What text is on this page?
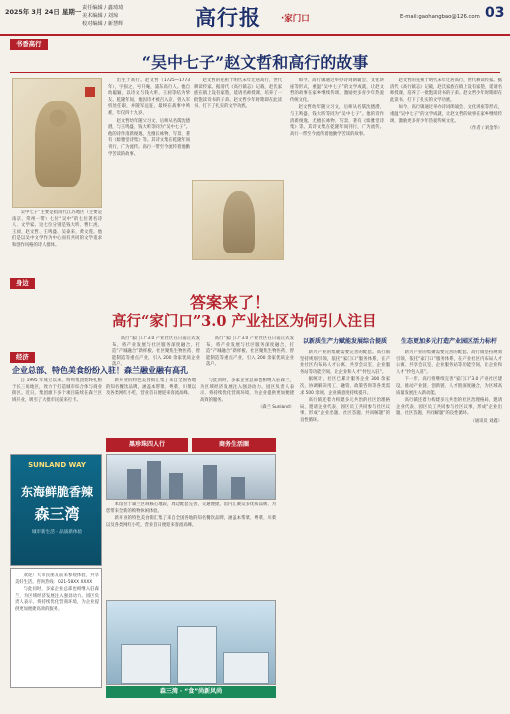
2025年 3月 24日 星期一 责任编辑 / 鑫琦琦
美术编辑 / 刘琼
校对编辑 / 新慧辉	高行报 ·家门口	E-mail:gaohangbao@126.com 03
书香高行
“吴中七子”赵文哲和高行的故事

吴中七子”主要是指清代江苏地区（主要是南京、常州一带）七位“吴中”的七位著名诗人、文学家。这七位分别是钱大昕、曹仁虎、王昶、赵文哲、王鸣盛、吴泰来、黄文莲。他们是以吴中文学作为中心而有共同的文学追求和创作风格的诗人群体。

出生于高行。赵文哲（1725—1773年），字损之，号升庵，浦东高行人。他自幼聪颖，以诗文与钱大昕、王昶等结为挚友。乾隆年间，他因诗才被召入京，曾入军机处任职，并随军远征，最终在战事中殉难，年仅四十九岁。

赵文哲幼年随父习文，后师从名儒沈德潜，与王鸣盛、钱大昕等同为“吴中七子”。他的诗作清新俊逸，尤擅长咏物、写景，著有《媕雅堂诗集》等。其诗文集在乾隆年间刊行，广为流传。高行一带至今流传着他勤学苦读的故事。

赵文哲的先祖于明代末年迁居高行，世代耕读传家。据清代《高行镇志》记载，赵氏家族在镇上设有家塾，延请名师授课，培养了一批饱读诗书的子弟。赵文哲少年时期即在此读书，打下了扎实的文学功底。

如今，高行镇通过举办诗词朗诵会、文化讲座等形式，重温“吴中七子”的文学成就，让赵文哲的故事在家乡继续传颂，激励更多青少年热爱传统文化。

赵文哲幼年随父习文，后师从名儒沈德潜，与王鸣盛、钱大昕等同为“吴中七子”。他的诗作清新俊逸，尤擅长咏物、写景，著有《媕雅堂诗集》等。其诗文集在乾隆年间刊行，广为流传。高行一带至今流传着他勤学苦读的故事。

赵文哲的先祖于明代末年迁居高行，世代耕读传家。据清代《高行镇志》记载，赵氏家族在镇上设有家塾，延请名师授课，培养了一批饱读诗书的子弟。赵文哲少年时期即在此读书，打下了扎实的文学功底。

如今，高行镇通过举办诗词朗诵会、文化讲座等形式，重温“吴中七子”的文学成就，让赵文哲的故事在家乡继续传颂，激励更多青少年热爱传统文化。

（作者 / 刘金华）

身边
答案来了！
高行“家门口”3.0 产业社区为何引人注目

高行“家门口”3.0 产业社区在日前正式发布，将产业发展与社区服务深度融合，打造“产城融合”新样板。社区聚焦生物医药、智能制造等重点产业，引入 200 余家优质企业落户。

高行“家门口”3.0 产业社区在日前正式发布，将产业发展与社区服务深度融合，打造“产城融合”新样板。社区聚焦生物医药、智能制造等重点产业，引入 200 余家优质企业落户。

以新质生产力赋能发展综合提质

新兴产业的集聚需要完善的配套。高行镇坚持规划引领，依托“家门口”服务体系，在产业社区内布局人才公寓、共享会议室、企业服务站等功能空间，让企业和人才“拎包入驻”。

据统计，社区已累计服务企业 300 余家次，协调解决用工、融资、政策咨询等各类需求 500 余项，企业满意度持续提升。

高行镇还着力构建多元共治的社区治理格局，邀请企业代表、园区员工共同参与社区议事，形成“企业出题、社区答题、共同解题”的良性循环。

生态更加多元打造产业园区活力标杆

新兴产业的集聚需要完善的配套。高行镇坚持规划引领，依托“家门口”服务体系，在产业社区内布局人才公寓、共享会议室、企业服务站等功能空间，让企业和人才“拎包入驻”。

下一步，高行将继续完善“家门口”3.0 产业社区建设，推动产业链、创新链、人才链深度融合，为区域高质量发展注入新动能。

高行镇还着力构建多元共治的社区治理格局，邀请企业代表、园区员工共同参与社区议事，形成“企业出题、社区答题、共同解题”的良性循环。

（通讯员 刘鑫）

经济
企业总部、特色美食纷纷入驻！森兰融业融有高孔

自 1995 年成立以来，明州集团始终扎根于长三角地区，致力于打造城市综合体与商业街区。近日，集团旗下多个项目陆续在森兰区域开业，吸引了大批市民前来打卡。

新开业的特色美食街汇集了来自全国各地的知名餐饮品牌，涵盖本帮菜、粤菜、川菜以及各类网红小吃，营业首日便迎来客流高峰。

与此同时，多家企业总部也相继入驻森兰，为区域经济发展注入强劲动力。园区负责人表示，将持续优化营商环境，为企业提供更加便捷高效的服务。

（森兰 Sunland）

黑珍珠四人行	商务生活圈
SUNLAND WAY
东海鲜脆香辣
森三湾
城市新生活 · 品质新体验

本馆位于森兰区域核心地段，周边配套完善，交通便捷。馆内汇聚众多优质品牌，为您带来全新的购物休闲体验。

新开业的特色美食街汇集了来自全国各地的知名餐饮品牌，涵盖本帮菜、粤菜、川菜以及各类网红小吃，营业首日便迎来客流高峰。

森三湾 · “食”尚新风尚

欢迎广大市民朋友前来参观体验，共享美好生活。咨询热线：021-58XX XXXX

与此同时，多家企业总部也相继入驻森兰，为区域经济发展注入强劲动力。园区负责人表示，将持续优化营商环境，为企业提供更加便捷高效的服务。
